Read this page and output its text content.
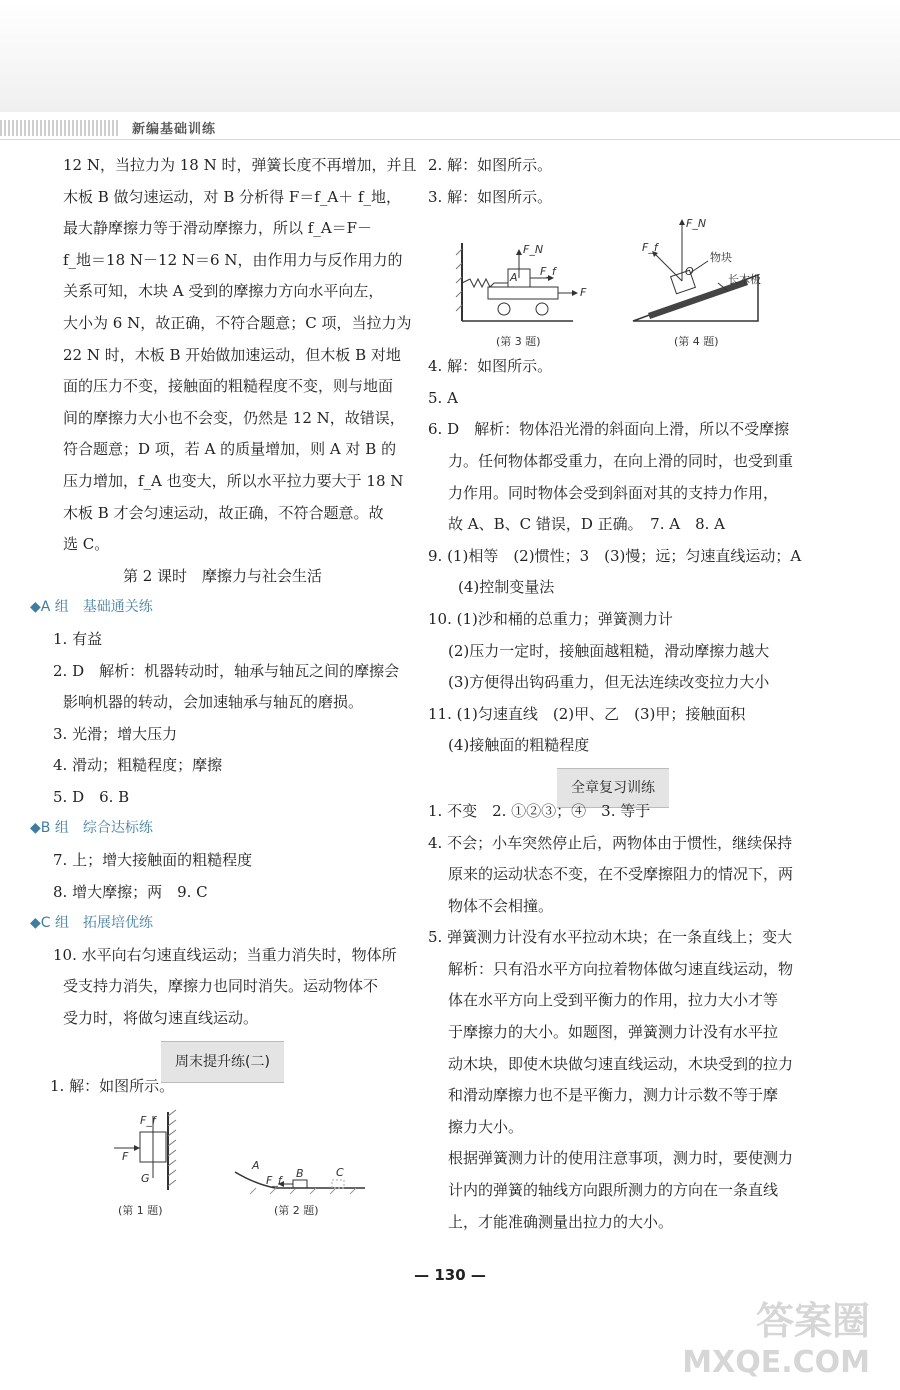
新编基础训练

12 N，当拉力为 18 N 时，弹簧长度不再增加，并且

木板 B 做匀速运动，对 B 分析得 F＝f_A＋ f_地，

最大静摩擦力等于滑动摩擦力，所以 f_A＝F－

f_地＝18 N－12 N＝6 N，由作用力与反作用力的

关系可知，木块 A 受到的摩擦力方向水平向左，

大小为 6 N，故正确，不符合题意；C 项，当拉力为

22 N 时，木板 B 开始做加速运动，但木板 B 对地

面的压力不变，接触面的粗糙程度不变，则与地面

间的摩擦力大小也不会变，仍然是 12 N，故错误，

符合题意；D 项，若 A 的质量增加，则 A 对 B 的

压力增加，f_A 也变大，所以水平拉力要大于 18 N

木板 B 才会匀速运动，故正确，不符合题意。故

选 C。

第 2 课时　摩擦力与社会生活

◆A 组　基础通关练

1. 有益

2. D　解析：机器转动时，轴承与轴瓦之间的摩擦会

影响机器的转动，会加速轴承与轴瓦的磨损。

3. 光滑；增大压力

4. 滑动；粗糙程度；摩擦

5. D　6. B

◆B 组　综合达标练

7. 上；增大接触面的粗糙程度

8. 增大摩擦；两　9. C

◆C 组　拓展培优练

10. 水平向右匀速直线运动；当重力消失时，物体所

受支持力消失，摩擦力也同时消失。运动物体不

受力时，将做匀速直线运动。

周末提升练(二)

1. 解：如图所示。

F_f
F
G
A
B	C
F_f
(第 1 题)	(第 2 题)

2. 解：如图所示。

3. 解：如图所示。

F_N
A F_f
F
F_N
F_f
O
物块
长木板
(第 3 题)	(第 4 题)

4. 解：如图所示。

5. A

6. D　解析：物体沿光滑的斜面向上滑，所以不受摩擦

力。任何物体都受重力，在向上滑的同时，也受到重

力作用。同时物体会受到斜面对其的支持力作用，

故 A、B、C 错误，D 正确。　7. A　8. A

9. (1)相等　(2)惯性；3　(3)慢；远；匀速直线运动；A

(4)控制变量法

10. (1)沙和桶的总重力；弹簧测力计

(2)压力一定时，接触面越粗糙，滑动摩擦力越大

(3)方便得出钩码重力，但无法连续改变拉力大小

11. (1)匀速直线　(2)甲、乙　(3)甲；接触面积

(4)接触面的粗糙程度

全章复习训练

1. 不变　2. ①②③；④　3. 等于

4. 不会；小车突然停止后，两物体由于惯性，继续保持

原来的运动状态不变，在不受摩擦阻力的情况下，两

物体不会相撞。

5. 弹簧测力计没有水平拉动木块；在一条直线上；变大

解析：只有沿水平方向拉着物体做匀速直线运动，物

体在水平方向上受到平衡力的作用，拉力大小才等

于摩擦力的大小。如题图，弹簧测力计没有水平拉

动木块，即使木块做匀速直线运动，木块受到的拉力

和滑动摩擦力也不是平衡力，测力计示数不等于摩

擦力大小。

根据弹簧测力计的使用注意事项，测力时，要使测力

计内的弹簧的轴线方向跟所测力的方向在一条直线

上，才能准确测量出拉力的大小。

— 130 —
答案圈
MXQE.COM
